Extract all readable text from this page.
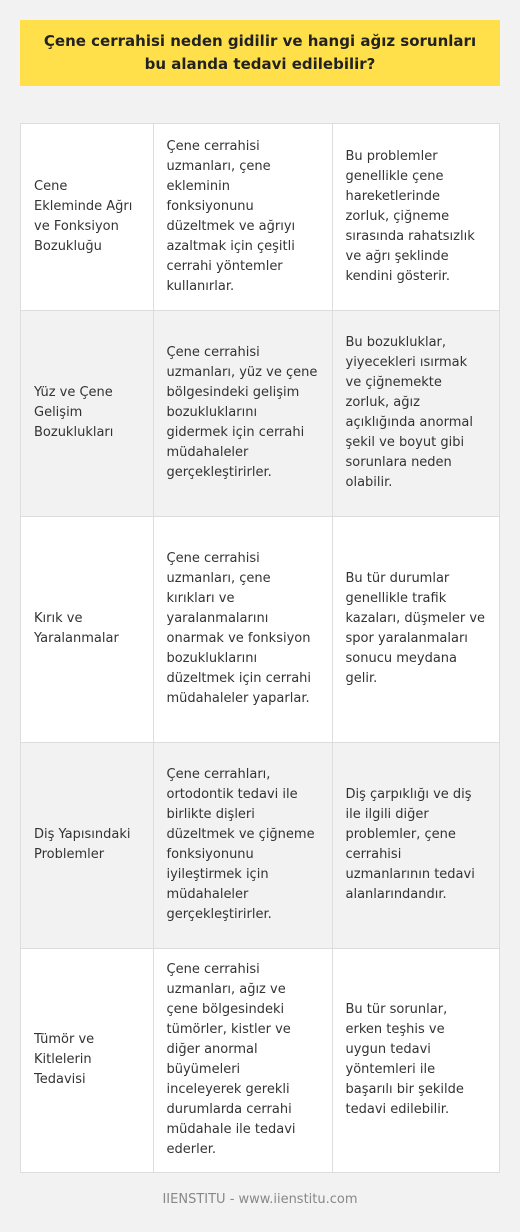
Çene cerrahisi neden gidilir ve hangi ağız sorunları bu alanda tedavi edilebilir?
Cene Ekleminde Ağrı ve Fonksiyon Bozukluğu	Çene cerrahisi uzmanları, çene ekleminin fonksiyonunu düzeltmek ve ağrıyı azaltmak için çeşitli cerrahi yöntemler kullanırlar.	Bu problemler genellikle çene hareketlerinde zorluk, çiğneme sırasında rahatsızlık ve ağrı şeklinde kendini gösterir.
Yüz ve Çene Gelişim Bozuklukları	Çene cerrahisi uzmanları, yüz ve çene bölgesindeki gelişim bozukluklarını gidermek için cerrahi müdahaleler gerçekleştirirler.	Bu bozukluklar, yiyecekleri ısırmak ve çiğnemekte zorluk, ağız açıklığında anormal şekil ve boyut gibi sorunlara neden olabilir.
Kırık ve Yaralanmalar	Çene cerrahisi uzmanları, çene kırıkları ve yaralanmalarını onarmak ve fonksiyon bozukluklarını düzeltmek için cerrahi müdahaleler yaparlar.	Bu tür durumlar genellikle trafik kazaları, düşmeler ve spor yaralanmaları sonucu meydana gelir.
Diş Yapısındaki Problemler	Çene cerrahları, ortodontik tedavi ile birlikte dişleri düzeltmek ve çiğneme fonksiyonunu iyileştirmek için müdahaleler gerçekleştirirler.	Diş çarpıklığı ve diş ile ilgili diğer problemler, çene cerrahisi uzmanlarının tedavi alanlarındandır.
Tümör ve Kitlelerin Tedavisi	Çene cerrahisi uzmanları, ağız ve çene bölgesindeki tümörler, kistler ve diğer anormal büyümeleri inceleyerek gerekli durumlarda cerrahi müdahale ile tedavi ederler.	Bu tür sorunlar, erken teşhis ve uygun tedavi yöntemleri ile başarılı bir şekilde tedavi edilebilir.
IIENSTITU - www.iienstitu.com
